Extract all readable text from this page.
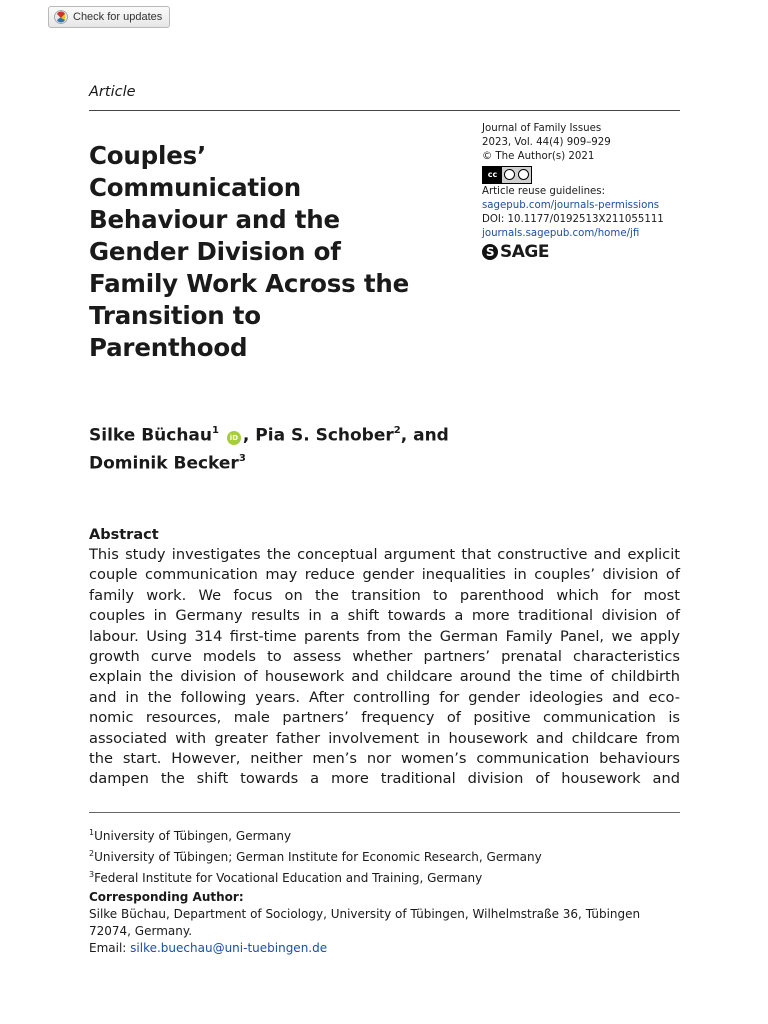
Check for updates
Article
Couples’
Communication
Behaviour and the
Gender Division of
Family Work Across the
Transition to
Parenthood
Journal of Family Issues
2023, Vol. 44(4) 909–929
© The Author(s) 2021
cc
Article reuse guidelines:
sagepub.com/journals-permissions
DOI: 10.1177/0192513X211055111
journals.sagepub.com/home/jfi
S SAGE
Silke Büchau$^1$ iD , Pia S. Schober$^2$, and
Dominik Becker$^3$
Abstract
This study investigates the conceptual argument that constructive and explicit
couple communication may reduce gender inequalities in couples’ division of
family work. We focus on the transition to parenthood which for most
couples in Germany results in a shift towards a more traditional division of
labour. Using 314 first-time parents from the German Family Panel, we apply
growth curve models to assess whether partners’ prenatal characteristics
explain the division of housework and childcare around the time of childbirth
and in the following years. After controlling for gender ideologies and eco-
nomic resources, male partners’ frequency of positive communication is
associated with greater father involvement in housework and childcare from
the start. However, neither men’s nor women’s communication behaviours
dampen the shift towards a more traditional division of housework and
$^1$University of Tübingen, Germany
$^2$University of Tübingen; German Institute for Economic Research, Germany
$^3$Federal Institute for Vocational Education and Training, Germany
Corresponding Author:
Silke Büchau, Department of Sociology, University of Tübingen, Wilhelmstraße 36, Tübingen
72074, Germany.
Email: silke.buechau@uni-tuebingen.de
